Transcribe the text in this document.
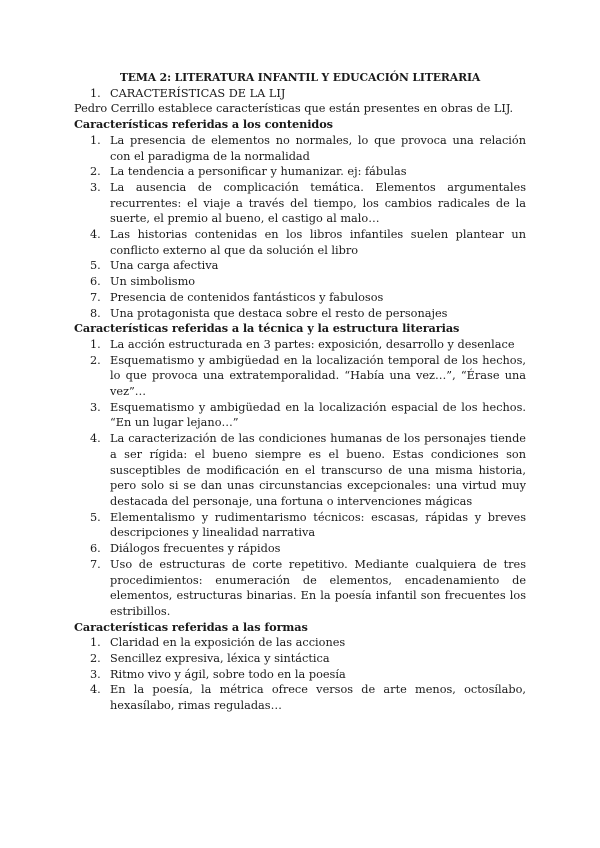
TEMA 2: LITERATURA INFANTIL Y EDUCACIÓN LITERARIA

1. CARACTERÍSTICAS DE LA LIJ

Pedro Cerrillo establece características que están presentes en obras de LIJ.

Características referidas a los contenidos

1. La presencia de elementos no normales, lo que provoca una relación con el paradigma de la normalidad
2. La tendencia a personificar y humanizar. ej: fábulas
3. La ausencia de complicación temática. Elementos argumentales recurrentes: el viaje a través del tiempo, los cambios radicales de la suerte, el premio al bueno, el castigo al malo…
4. Las historias contenidas en los libros infantiles suelen plantear un conflicto externo al que da solución el libro
5. Una carga afectiva
6. Un simbolismo
7. Presencia de contenidos fantásticos y fabulosos
8. Una protagonista que destaca sobre el resto de personajes

Características referidas a la técnica y la estructura literarias

1. La acción estructurada en 3 partes: exposición, desarrollo y desenlace
2. Esquematismo y ambigüedad en la localización temporal de los hechos, lo que provoca una extratemporalidad. “Había una vez…”, “Érase una vez”…
3. Esquematismo y ambigüedad en la localización espacial de los hechos. “En un lugar lejano…”
4. La caracterización de las condiciones humanas de los personajes tiende a ser rígida: el bueno siempre es el bueno. Estas condiciones son susceptibles de modificación en el transcurso de una misma historia, pero solo si se dan unas circunstancias excepcionales: una virtud muy destacada del personaje, una fortuna o intervenciones mágicas
5. Elementalismo y rudimentarismo técnicos: escasas, rápidas y breves descripciones y linealidad narrativa
6. Diálogos frecuentes y rápidos
7. Uso de estructuras de corte repetitivo. Mediante cualquiera de tres procedimientos: enumeración de elementos, encadenamiento de elementos, estructuras binarias. En la poesía infantil son frecuentes los estribillos.

Características referidas a las formas

1. Claridad en la exposición de las acciones
2. Sencillez expresiva, léxica y sintáctica
3. Ritmo vivo y ágil, sobre todo en la poesía
4. En la poesía, la métrica ofrece versos de arte menos, octosílabo, hexasílabo, rimas reguladas…
